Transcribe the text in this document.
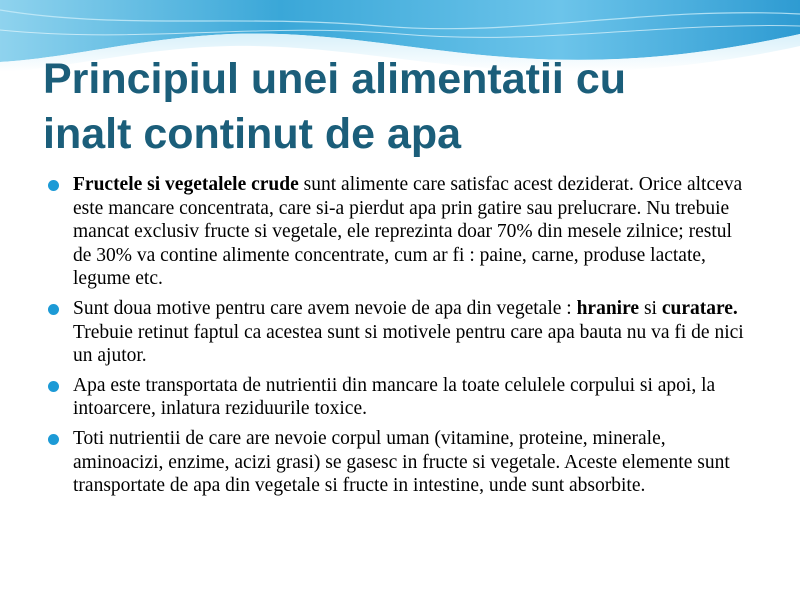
Principiul unei alimentatii cu
inalt continut de apa
Fructele si vegetalele crude sunt alimente care satisfac acest deziderat. Orice altceva este mancare concentrata, care si-a pierdut apa prin gatire sau prelucrare. Nu trebuie mancat exclusiv fructe si vegetale, ele reprezinta doar 70% din mesele zilnice; restul de 30% va contine alimente concentrate, cum ar fi : paine, carne, produse lactate, legume etc.
Sunt doua motive pentru care avem nevoie de apa din vegetale : hranire si curatare. Trebuie retinut faptul ca acestea sunt si motivele pentru care apa bauta nu va fi de nici un ajutor.
Apa este transportata de nutrientii din mancare la toate celulele corpului si apoi, la intoarcere, inlatura reziduurile toxice.
Toti nutrientii de care are nevoie corpul uman (vitamine, proteine, minerale, aminoacizi, enzime, acizi grasi) se gasesc in fructe si vegetale. Aceste elemente sunt transportate de apa din vegetale si fructe in intestine, unde sunt absorbite.
